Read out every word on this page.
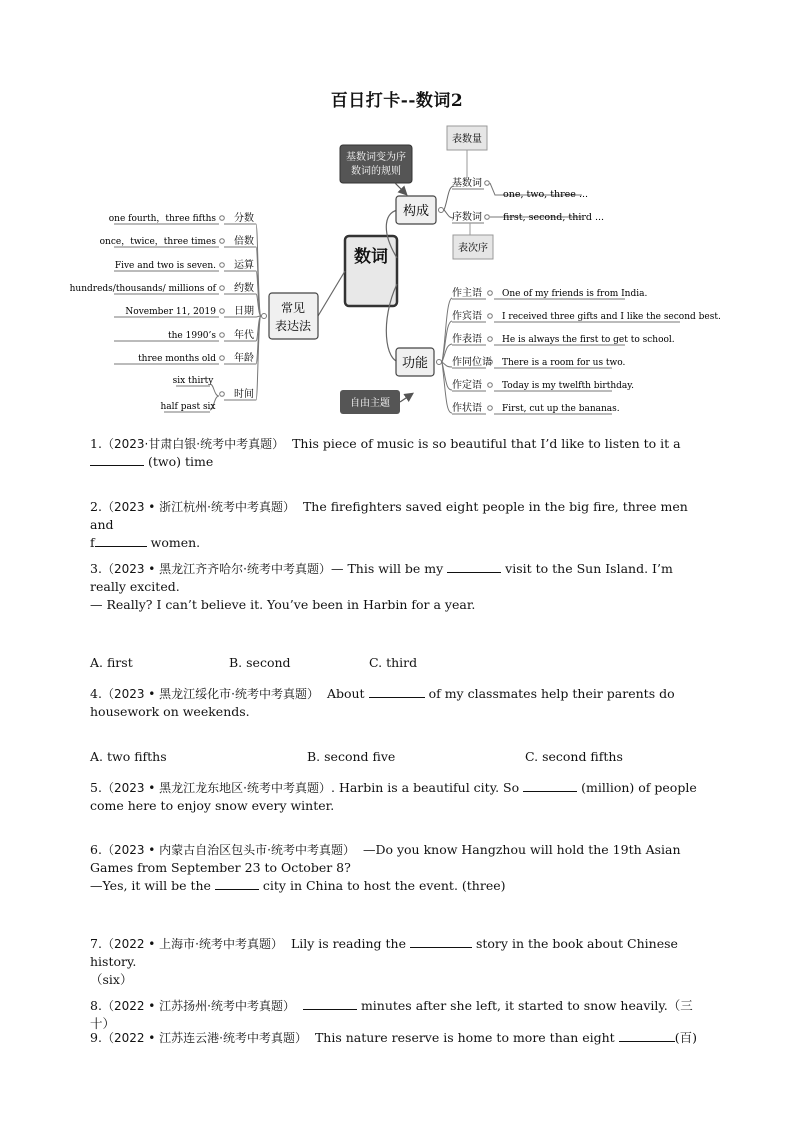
百日打卡--数词2
数词
构成
基数词变为序
数词的规则
基数词
one, two, three ...
序数词 first, second, third ...
表数量
表次序
功能
自由主题
作主语 One of my friends is from India.
作宾语 I received three gifts and I like the second best.
作表语 He is always the first to get to school.
作同位语 There is a room for us two.
作定语 Today is my twelfth birthday.
作状语 First, cut up the bananas.
常见
表达法
分数
one fourth，three fifths
倍数
once，twice，three times
运算
Five and two is seven.
约数
hundreds/thousands/ millions of
日期
November 11, 2019
年代
the 1990’s
年龄
three months old
时间
six thirty
half past six
1.（2023·甘肃白银·统考中考真题） This piece of music is so beautiful that I’d like to listen to it a
(two) time
2.（2023 • 浙江杭州·统考中考真题） The firefighters saved eight people in the big fire, three men and
f	women.
3.（2023 • 黑龙江齐齐哈尔·统考中考真题）— This will be my	visit to the Sun Island. I’m
really excited.
— Really? I can’t believe it. You’ve been in Harbin for a year.
A. first	B. second	C. third
4.（2023 • 黑龙江绥化市·统考中考真题） About	of my classmates help their parents do
housework on weekends.
A. two fifths	B. second five	C. second fifths
5.（2023 • 黑龙江龙东地区·统考中考真题）. Harbin is a beautiful city. So	(million) of people
come here to enjoy snow every winter.
6.（2023 • 内蒙古自治区包头市·统考中考真题） —Do you know Hangzhou will hold the 19th Asian
Games from September 23 to October 8?
—Yes, it will be the	city in China to host the event. (three)
7.（2022 • 上海市·统考中考真题） Lily is reading the	story in the book about Chinese history.
（six）
8.（2022 • 江苏扬州·统考中考真题）	minutes after she left, it started to snow heavily.（三十）
9.（2022 • 江苏连云港·统考中考真题） This nature reserve is home to more than eight	(百)
